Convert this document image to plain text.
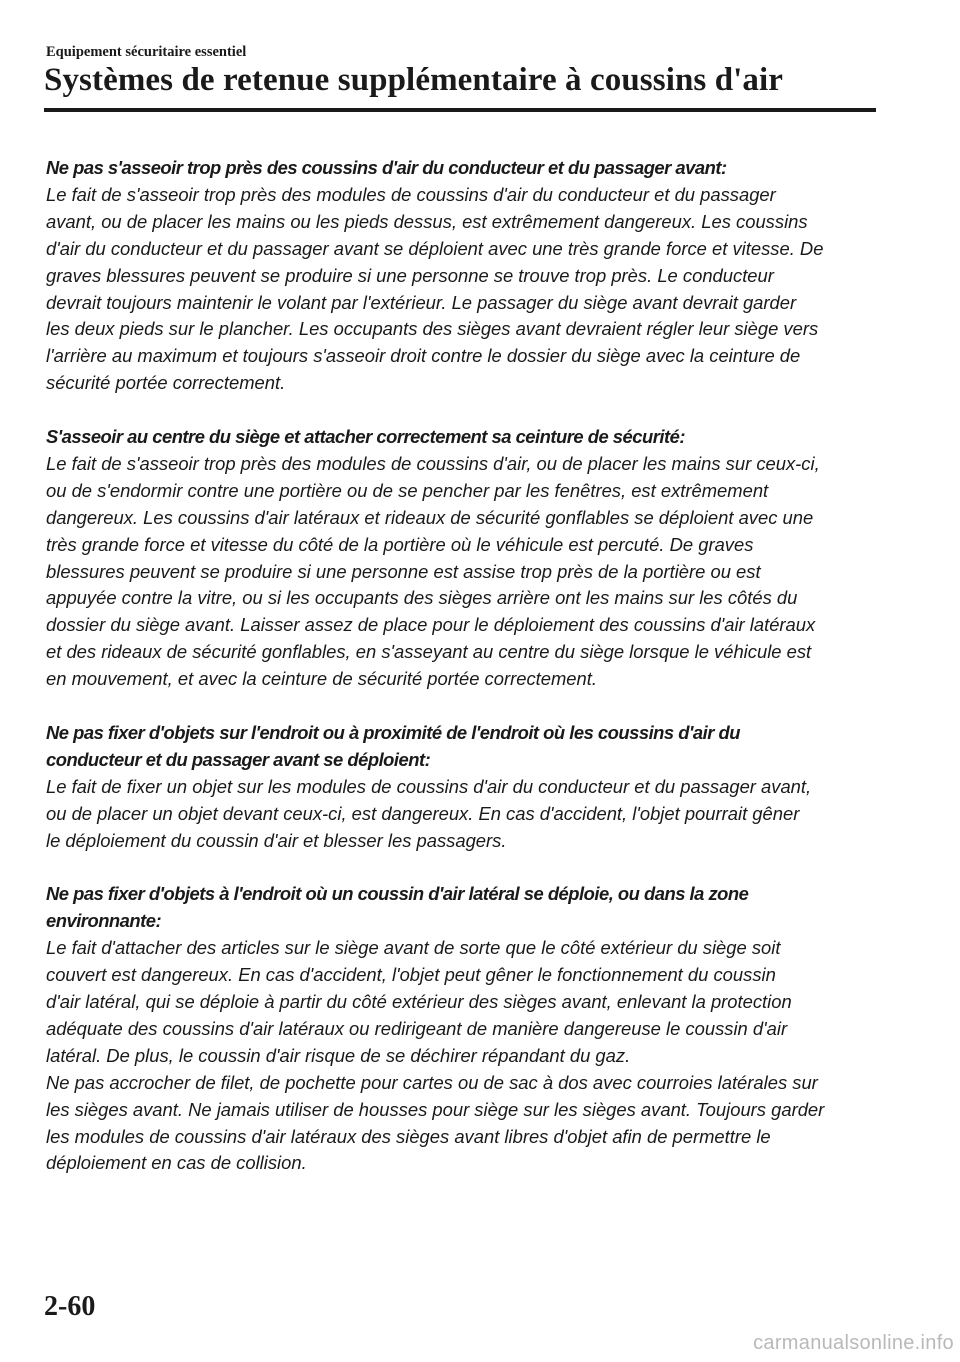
Equipement sécuritaire essentiel
Systèmes de retenue supplémentaire à coussins d'air
Ne pas s'asseoir trop près des coussins d'air du conducteur et du passager avant:
Le fait de s'asseoir trop près des modules de coussins d'air du conducteur et du passager
avant, ou de placer les mains ou les pieds dessus, est extrêmement dangereux. Les coussins
d'air du conducteur et du passager avant se déploient avec une très grande force et vitesse. De
graves blessures peuvent se produire si une personne se trouve trop près. Le conducteur
devrait toujours maintenir le volant par l'extérieur. Le passager du siège avant devrait garder
les deux pieds sur le plancher. Les occupants des sièges avant devraient régler leur siège vers
l'arrière au maximum et toujours s'asseoir droit contre le dossier du siège avec la ceinture de
sécurité portée correctement.
S'asseoir au centre du siège et attacher correctement sa ceinture de sécurité:
Le fait de s'asseoir trop près des modules de coussins d'air, ou de placer les mains sur ceux-ci,
ou de s'endormir contre une portière ou de se pencher par les fenêtres, est extrêmement
dangereux. Les coussins d'air latéraux et rideaux de sécurité gonflables se déploient avec une
très grande force et vitesse du côté de la portière où le véhicule est percuté. De graves
blessures peuvent se produire si une personne est assise trop près de la portière ou est
appuyée contre la vitre, ou si les occupants des sièges arrière ont les mains sur les côtés du
dossier du siège avant. Laisser assez de place pour le déploiement des coussins d'air latéraux
et des rideaux de sécurité gonflables, en s'asseyant au centre du siège lorsque le véhicule est
en mouvement, et avec la ceinture de sécurité portée correctement.
Ne pas fixer d'objets sur l'endroit ou à proximité de l'endroit où les coussins d'air du
conducteur et du passager avant se déploient:
Le fait de fixer un objet sur les modules de coussins d'air du conducteur et du passager avant,
ou de placer un objet devant ceux-ci, est dangereux. En cas d'accident, l'objet pourrait gêner
le déploiement du coussin d'air et blesser les passagers.
Ne pas fixer d'objets à l'endroit où un coussin d'air latéral se déploie, ou dans la zone
environnante:
Le fait d'attacher des articles sur le siège avant de sorte que le côté extérieur du siège soit
couvert est dangereux. En cas d'accident, l'objet peut gêner le fonctionnement du coussin
d'air latéral, qui se déploie à partir du côté extérieur des sièges avant, enlevant la protection
adéquate des coussins d'air latéraux ou redirigeant de manière dangereuse le coussin d'air
latéral. De plus, le coussin d'air risque de se déchirer répandant du gaz.
Ne pas accrocher de filet, de pochette pour cartes ou de sac à dos avec courroies latérales sur
les sièges avant. Ne jamais utiliser de housses pour siège sur les sièges avant. Toujours garder
les modules de coussins d'air latéraux des sièges avant libres d'objet afin de permettre le
déploiement en cas de collision.
2-60
carmanualsonline.info
